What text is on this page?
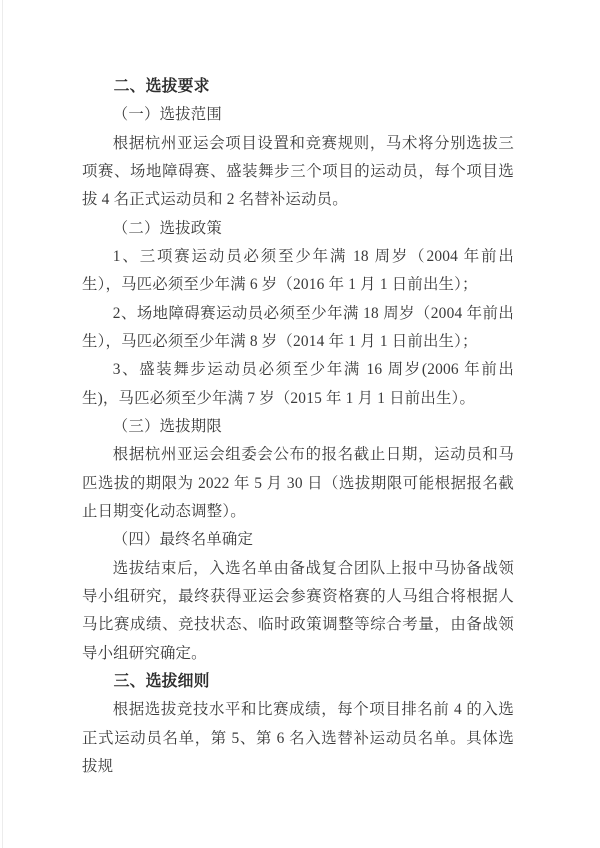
二、选拔要求

（一）选拔范围

根据杭州亚运会项目设置和竞赛规则，马术将分别选拔三项赛、场地障碍赛、盛装舞步三个项目的运动员，每个项目选拔 4 名正式运动员和 2 名替补运动员。

（二）选拔政策

1、三项赛运动员必须至少年满 18 周岁（2004 年前出生），马匹必须至少年满 6 岁（2016 年 1 月 1 日前出生）；

2、场地障碍赛运动员必须至少年满 18 周岁（2004 年前出生），马匹必须至少年满 8 岁（2014 年 1 月 1 日前出生）；

3、盛装舞步运动员必须至少年满 16 周岁(2006 年前出生)，马匹必须至少年满 7 岁（2015 年 1 月 1 日前出生）。

（三）选拔期限

根据杭州亚运会组委会公布的报名截止日期，运动员和马匹选拔的期限为 2022 年 5 月 30 日（选拔期限可能根据报名截止日期变化动态调整）。

（四）最终名单确定

选拔结束后，入选名单由备战复合团队上报中马协备战领导小组研究，最终获得亚运会参赛资格赛的人马组合将根据人马比赛成绩、竞技状态、临时政策调整等综合考量，由备战领导小组研究确定。

三、选拔细则

根据选拔竞技水平和比赛成绩，每个项目排名前 4 的入选正式运动员名单，第 5、第 6 名入选替补运动员名单。具体选拔规
